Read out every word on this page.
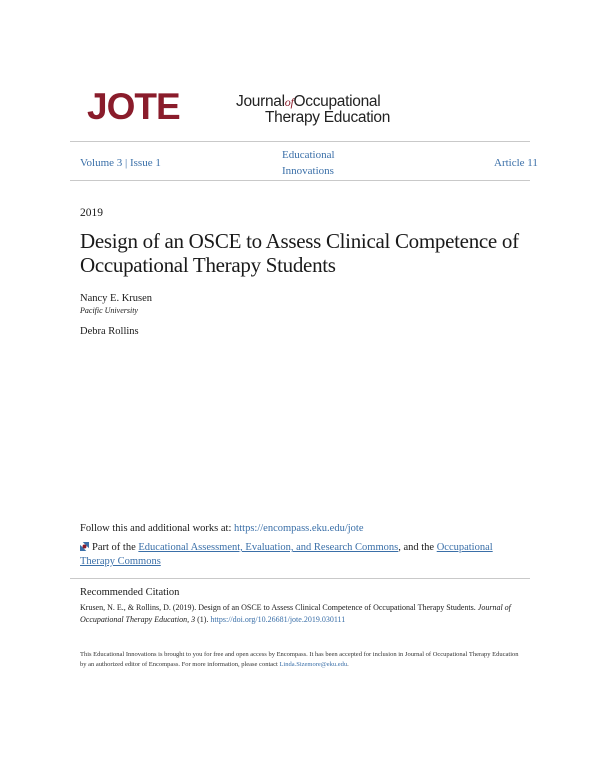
JOTE	JournalofOccupational
Therapy Education
Volume 3 | Issue 1
Educational Innovations
Article 11
2019
Design of an OSCE to Assess Clinical Competence of Occupational Therapy Students
Nancy E. Krusen
Pacific University
Debra Rollins
Follow this and additional works at: https://encompass.eku.edu/jote
Part of the Educational Assessment, Evaluation, and Research Commons, and the Occupational Therapy Commons
Recommended Citation
Krusen, N. E., & Rollins, D. (2019). Design of an OSCE to Assess Clinical Competence of Occupational Therapy Students. Journal of Occupational Therapy Education, 3 (1). https://doi.org/10.26681/jote.2019.030111
This Educational Innovations is brought to you for free and open access by Encompass. It has been accepted for inclusion in Journal of Occupational Therapy Education by an authorized editor of Encompass. For more information, please contact Linda.Sizemore@eku.edu.
